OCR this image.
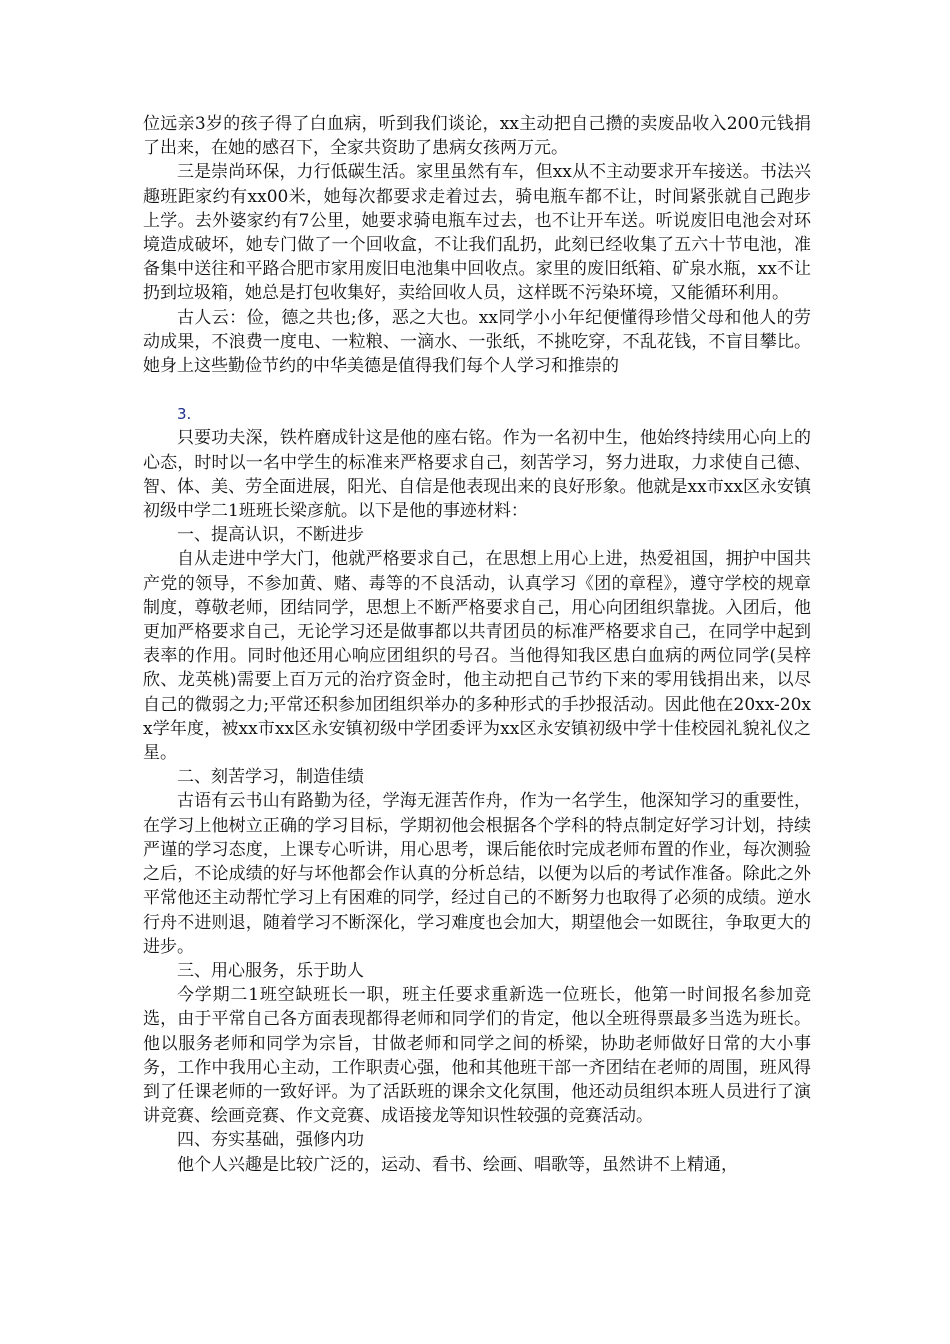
位远亲3岁的孩子得了白血病，听到我们谈论，xx主动把自己攒的卖废品收入200元钱捐了出来，在她的感召下，全家共资助了患病女孩两万元。

三是崇尚环保，力行低碳生活。家里虽然有车，但xx从不主动要求开车接送。书法兴趣班距家约有xx00米，她每次都要求走着过去，骑电瓶车都不让，时间紧张就自己跑步上学。去外婆家约有7公里，她要求骑电瓶车过去，也不让开车送。听说废旧电池会对环境造成破坏，她专门做了一个回收盒，不让我们乱扔，此刻已经收集了五六十节电池，准备集中送往和平路合肥市家用废旧电池集中回收点。家里的废旧纸箱、矿泉水瓶，xx不让扔到垃圾箱，她总是打包收集好，卖给回收人员，这样既不污染环境，又能循环利用。

古人云：俭，德之共也;侈，恶之大也。xx同学小小年纪便懂得珍惜父母和他人的劳动成果，不浪费一度电、一粒粮、一滴水、一张纸，不挑吃穿，不乱花钱，不盲目攀比。她身上这些勤俭节约的中华美德是值得我们每个人学习和推崇的

3.

只要功夫深，铁杵磨成针这是他的座右铭。作为一名初中生，他始终持续用心向上的心态，时时以一名中学生的标准来严格要求自己，刻苦学习，努力进取，力求使自己德、智、体、美、劳全面进展，阳光、自信是他表现出来的良好形象。他就是xx市xx区永安镇初级中学二1班班长梁彦航。以下是他的事迹材料：

一、提高认识，不断进步

自从走进中学大门，他就严格要求自己，在思想上用心上进，热爱祖国，拥护中国共产党的领导，不参加黄、赌、毒等的不良活动，认真学习《团的章程》，遵守学校的规章制度，尊敬老师，团结同学，思想上不断严格要求自己，用心向团组织靠拢。入团后，他更加严格要求自己，无论学习还是做事都以共青团员的标准严格要求自己，在同学中起到表率的作用。同时他还用心响应团组织的号召。当他得知我区患白血病的两位同学(吴梓欣、龙英桃)需要上百万元的治疗资金时，他主动把自己节约下来的零用钱捐出来，以尽自己的微弱之力;平常还积参加团组织举办的多种形式的手抄报活动。因此他在20xx-20xx学年度，被xx市xx区永安镇初级中学团委评为xx区永安镇初级中学十佳校园礼貌礼仪之星。

二、刻苦学习，制造佳绩

古语有云书山有路勤为径，学海无涯苦作舟，作为一名学生，他深知学习的重要性，在学习上他树立正确的学习目标，学期初他会根据各个学科的特点制定好学习计划，持续严谨的学习态度，上课专心听讲，用心思考，课后能依时完成老师布置的作业，每次测验之后，不论成绩的好与坏他都会作认真的分析总结，以便为以后的考试作准备。除此之外平常他还主动帮忙学习上有困难的同学，经过自己的不断努力也取得了必须的成绩。逆水行舟不进则退，随着学习不断深化，学习难度也会加大，期望他会一如既往，争取更大的进步。

三、用心服务，乐于助人

今学期二1班空缺班长一职，班主任要求重新选一位班长，他第一时间报名参加竞选，由于平常自己各方面表现都得老师和同学们的肯定，他以全班得票最多当选为班长。他以服务老师和同学为宗旨，甘做老师和同学之间的桥梁，协助老师做好日常的大小事务，工作中我用心主动，工作职责心强，他和其他班干部一齐团结在老师的周围，班风得到了任课老师的一致好评。为了活跃班的课余文化氛围，他还动员组织本班人员进行了演讲竞赛、绘画竞赛、作文竞赛、成语接龙等知识性较强的竞赛活动。

四、夯实基础，强修内功

他个人兴趣是比较广泛的，运动、看书、绘画、唱歌等，虽然讲不上精通，
